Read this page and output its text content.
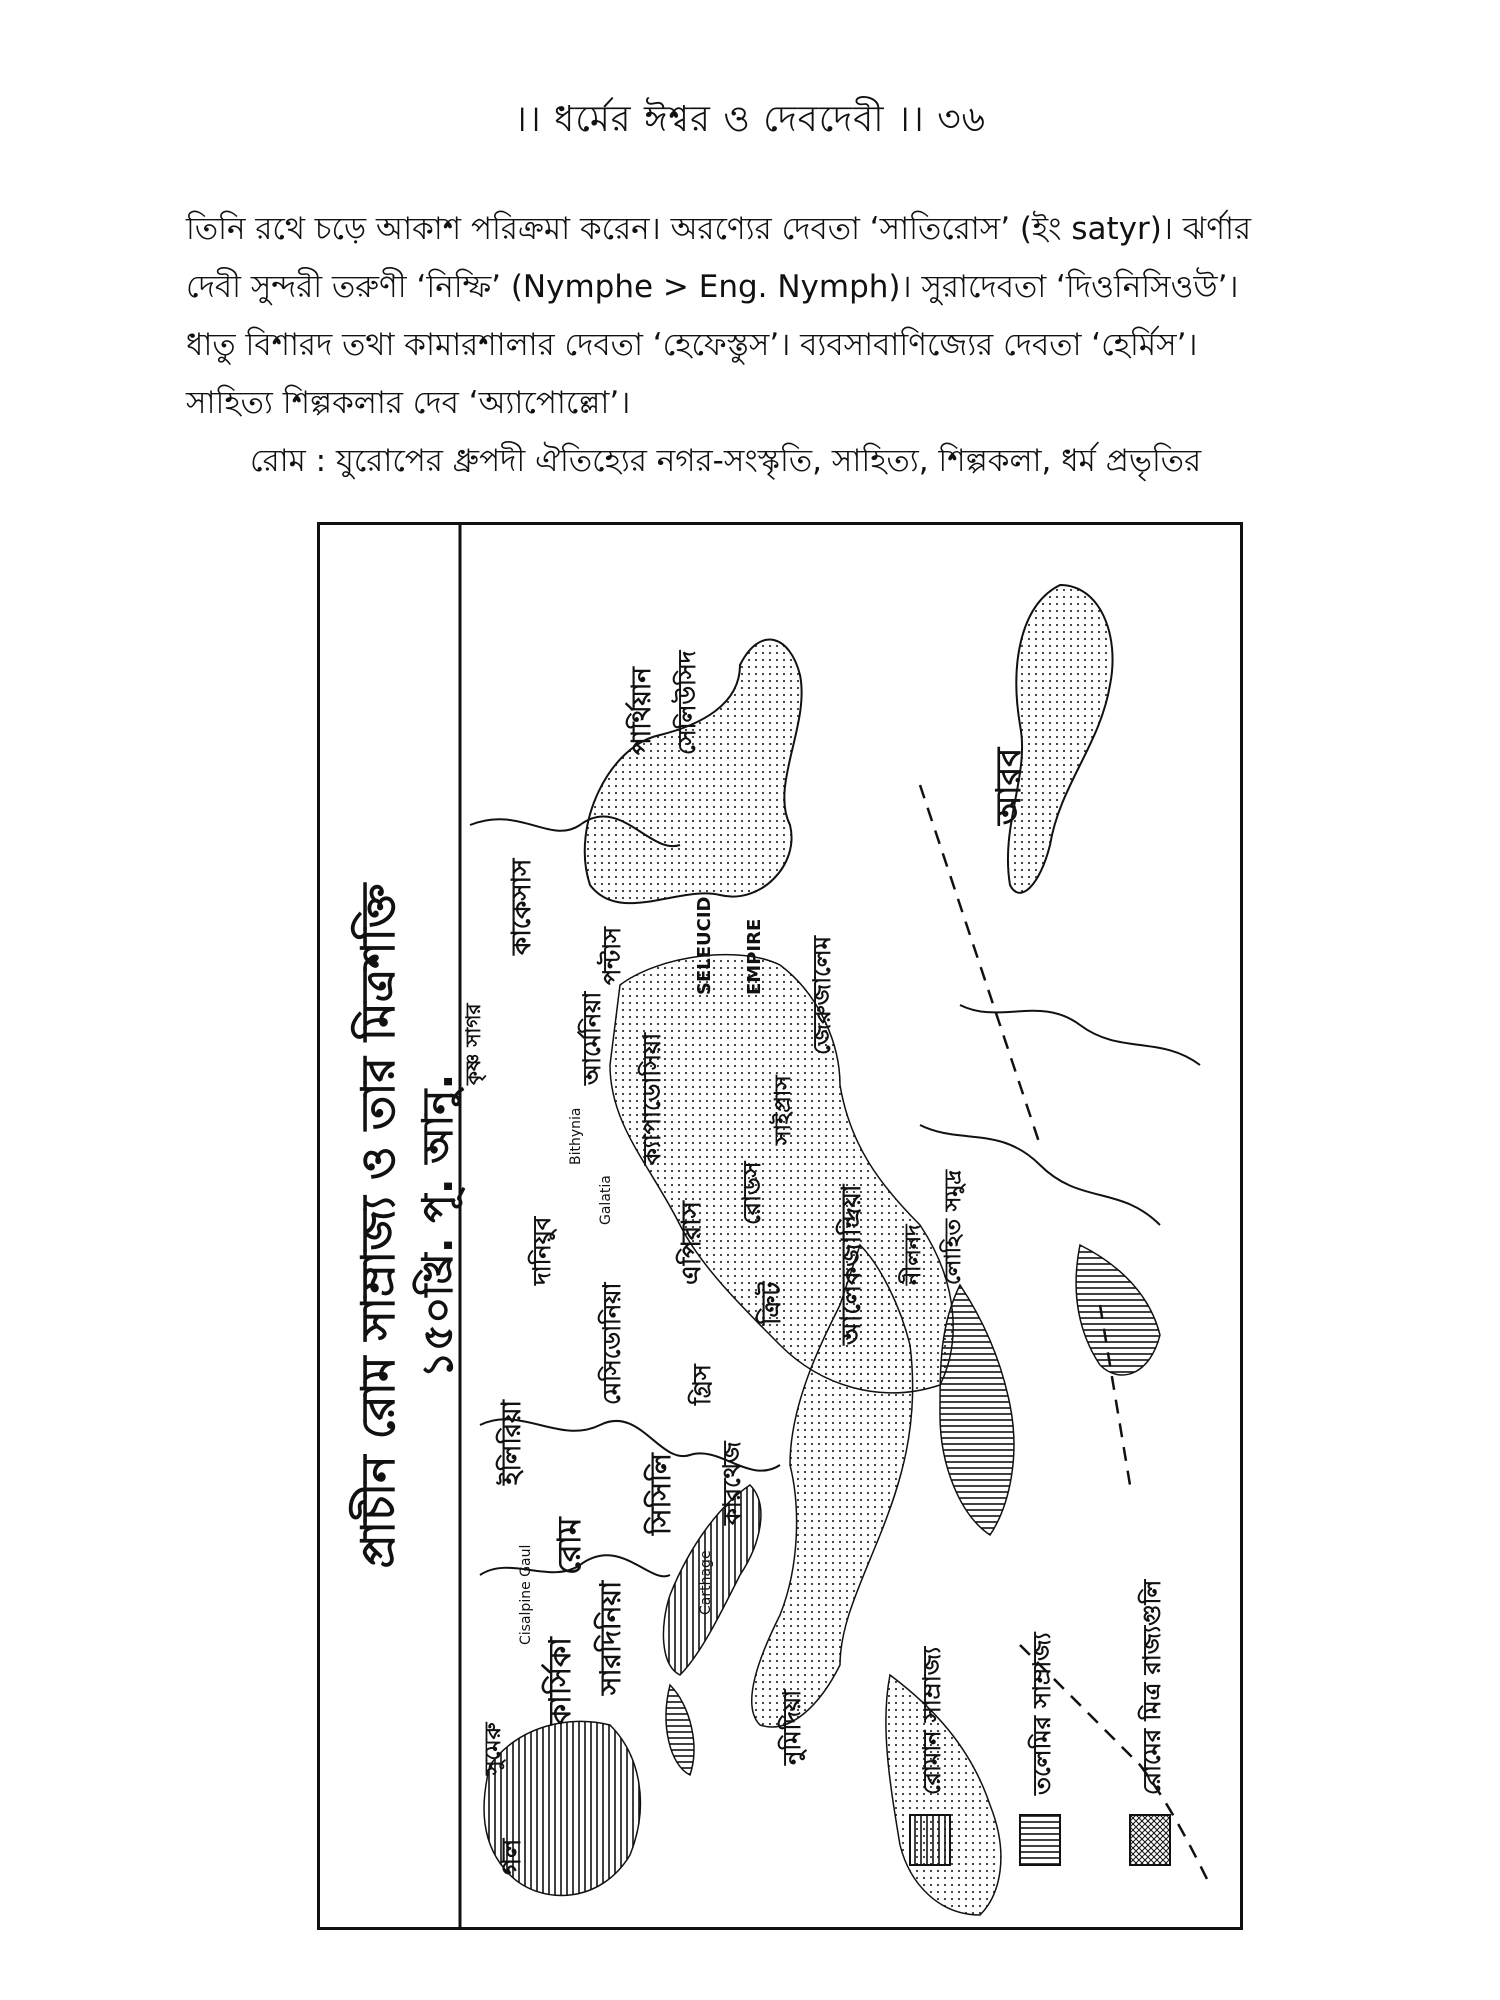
।। ধর্মের ঈশ্বর ও দেবদেবী ।। ৩৬

তিনি রথে চড়ে আকাশ পরিক্রমা করেন। অরণ্যের দেবতা ‘সাতিরোস’ (ইং satyr)। ঝর্ণার

দেবী সুন্দরী তরুণী ‘নিম্ফি’ (Nymphe > Eng. Nymph)। সুরাদেবতা ‘দিওনিসিওউ’।

ধাতু বিশারদ তথা কামারশালার দেবতা ‘হেফেস্তুস’। ব্যবসাবাণিজ্যের দেবতা ‘হের্মিস’।

সাহিত্য শিল্পকলার দেব ‘অ্যাপোল্লো’।

রোম : যুরোপের ধ্রুপদী ঐতিহ্যের নগর-সংস্কৃতি, সাহিত্য, শিল্পকলা, ধর্ম প্রভৃতির

প্রাচীন রোম সাম্রাজ্য ও তার মিত্রশক্তি ১৫০খ্রি. পূ. আনু.
কার্সিকা সারদিনিয়া
রোম
সিসিলি কারথেজ
নুমিদিয়া
গল
ইলিরিয়া
মেসিডোনিয়া	গ্রিস
এপিরাস
ক্রিট
ক্যাপাডোসিয়া
কাকেসাস
আর্মেনিয়া
পন্টাস	SELEUCID EMPIRE
পার্থিয়ান সেলিউসিদ
জেরুজালেম
আলেকজান্দ্রিয়া নীলনদ
রোডস
সাইপ্রাস
আরব
দানিয়ুব
Bithynia
Galatia
Cisalpine Gaul	Carthage
লোহিত সমুদ্র
কৃষ্ণ সাগর
সুমেরু	রোমান সাম্রাজ্য	তলেমির সাম্রাজ্য	রোমের মিত্র রাজ্যগুলি
